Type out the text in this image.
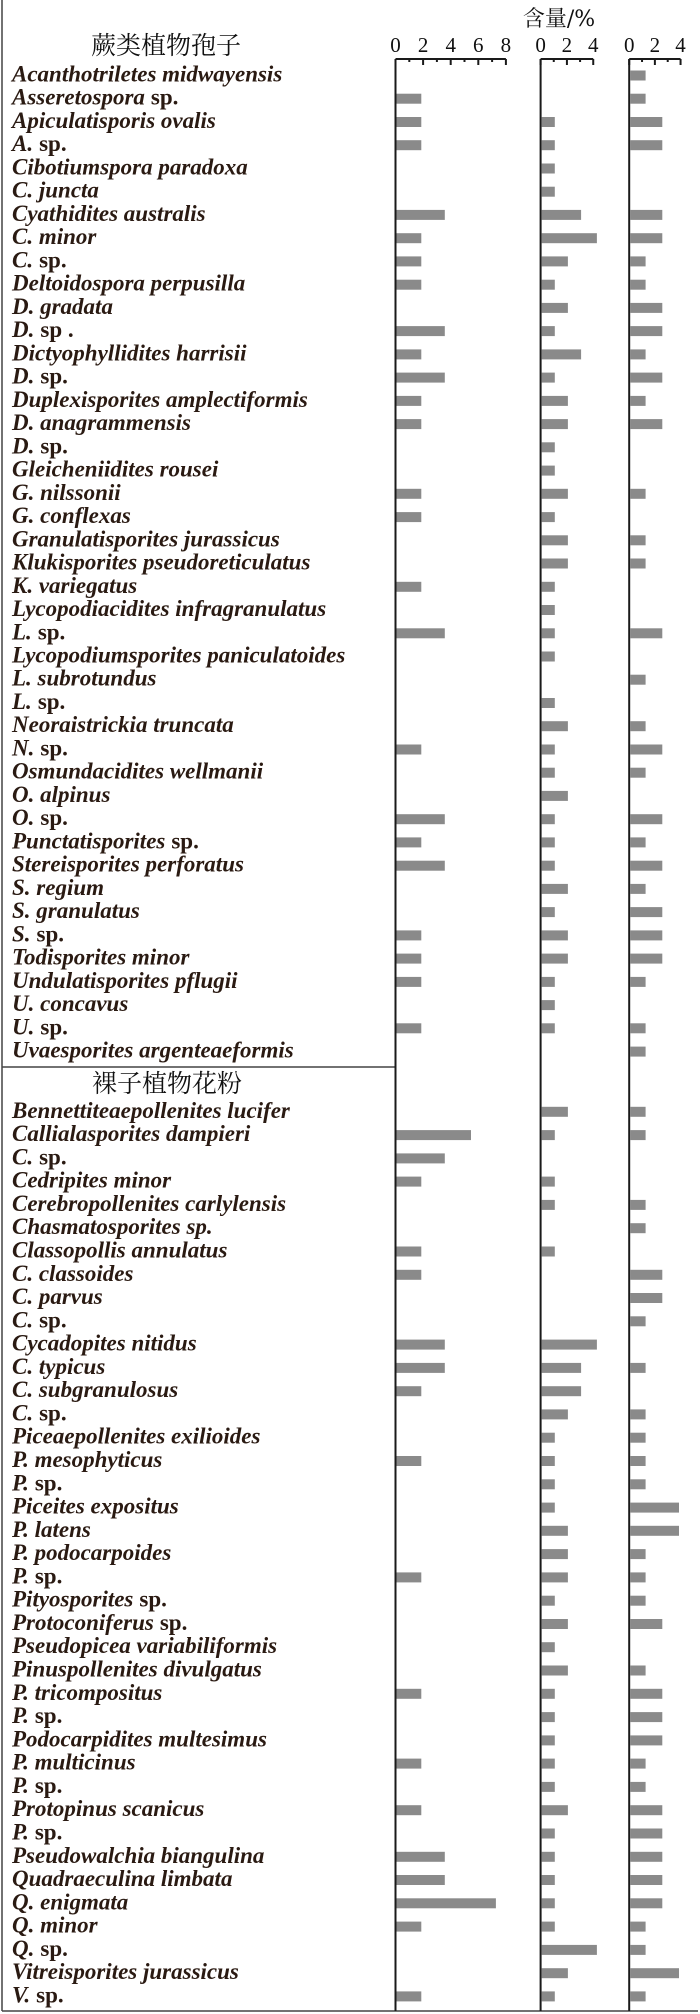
含量/%
蕨类植物孢子
裸子植物花粉
0 2 4 6 8 0 2 4 0 2 4
Acanthotriletes midwayensis
Asseretospora sp.
Apiculatisporis ovalis
A. sp.
Cibotiumspora paradoxa
C. juncta
Cyathidites australis
C. minor
C. sp.
Deltoidospora perpusilla
D. gradata
D. sp .
Dictyophyllidites harrisii
D. sp.
Duplexisporites amplectiformis
D. anagrammensis
D. sp.
Gleicheniidites rousei
G. nilssonii
G. conflexas
Granulatisporites jurassicus
Klukisporites pseudoreticulatus
K. variegatus
Lycopodiacidites infragranulatus
L. sp.
Lycopodiumsporites paniculatoides
L. subrotundus
L. sp.
Neoraistrickia truncata
N. sp.
Osmundacidites wellmanii
O. alpinus
O. sp.
Punctatisporites sp.
Stereisporites perforatus
S. regium
S. granulatus
S. sp.
Todisporites minor
Undulatisporites pflugii
U. concavus
U. sp.
Uvaesporites argenteaeformis
Bennettiteaepollenites lucifer
Callialasporites dampieri
C. sp.
Cedripites minor
Cerebropollenites carlylensis
Chasmatosporites sp.
Classopollis annulatus
C. classoides
C. parvus
C. sp.
Cycadopites nitidus
C. typicus
C. subgranulosus
C. sp.
Piceaepollenites exilioides
P. mesophyticus
P. sp.
Piceites expositus
P. latens
P. podocarpoides
P. sp.
Pityosporites sp.
Protoconiferus sp.
Pseudopicea variabiliformis
Pinuspollenites divulgatus
P. tricompositus
P. sp.
Podocarpidites multesimus
P. multicinus
P. sp.
Protopinus scanicus
P. sp.
Pseudowalchia biangulina
Quadraeculina limbata
Q. enigmata
Q. minor
Q. sp.
Vitreisporites jurassicus
V. sp.
